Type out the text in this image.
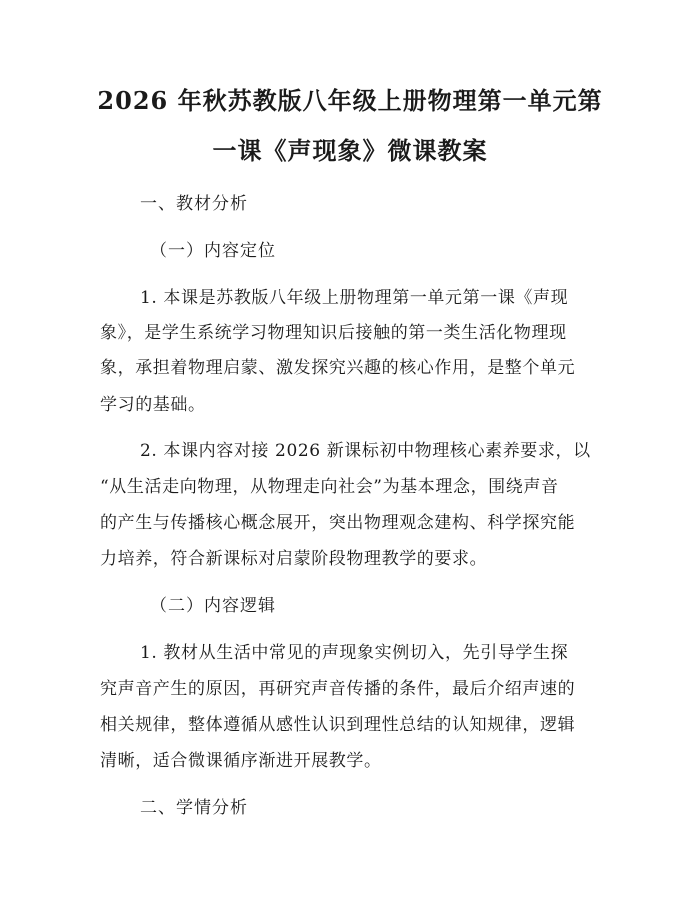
2026 年秋苏教版八年级上册物理第一单元第
一课《声现象》微课教案
一、教材分析
（一）内容定位
1. 本课是苏教版八年级上册物理第一单元第一课《声现
象》，是学生系统学习物理知识后接触的第一类生活化物理现
象，承担着物理启蒙、激发探究兴趣的核心作用，是整个单元
学习的基础。
2. 本课内容对接 2026 新课标初中物理核心素养要求，以
“从生活走向物理，从物理走向社会”为基本理念，围绕声音
的产生与传播核心概念展开，突出物理观念建构、科学探究能
力培养，符合新课标对启蒙阶段物理教学的要求。
（二）内容逻辑
1. 教材从生活中常见的声现象实例切入，先引导学生探
究声音产生的原因，再研究声音传播的条件，最后介绍声速的
相关规律，整体遵循从感性认识到理性总结的认知规律，逻辑
清晰，适合微课循序渐进开展教学。
二、学情分析
